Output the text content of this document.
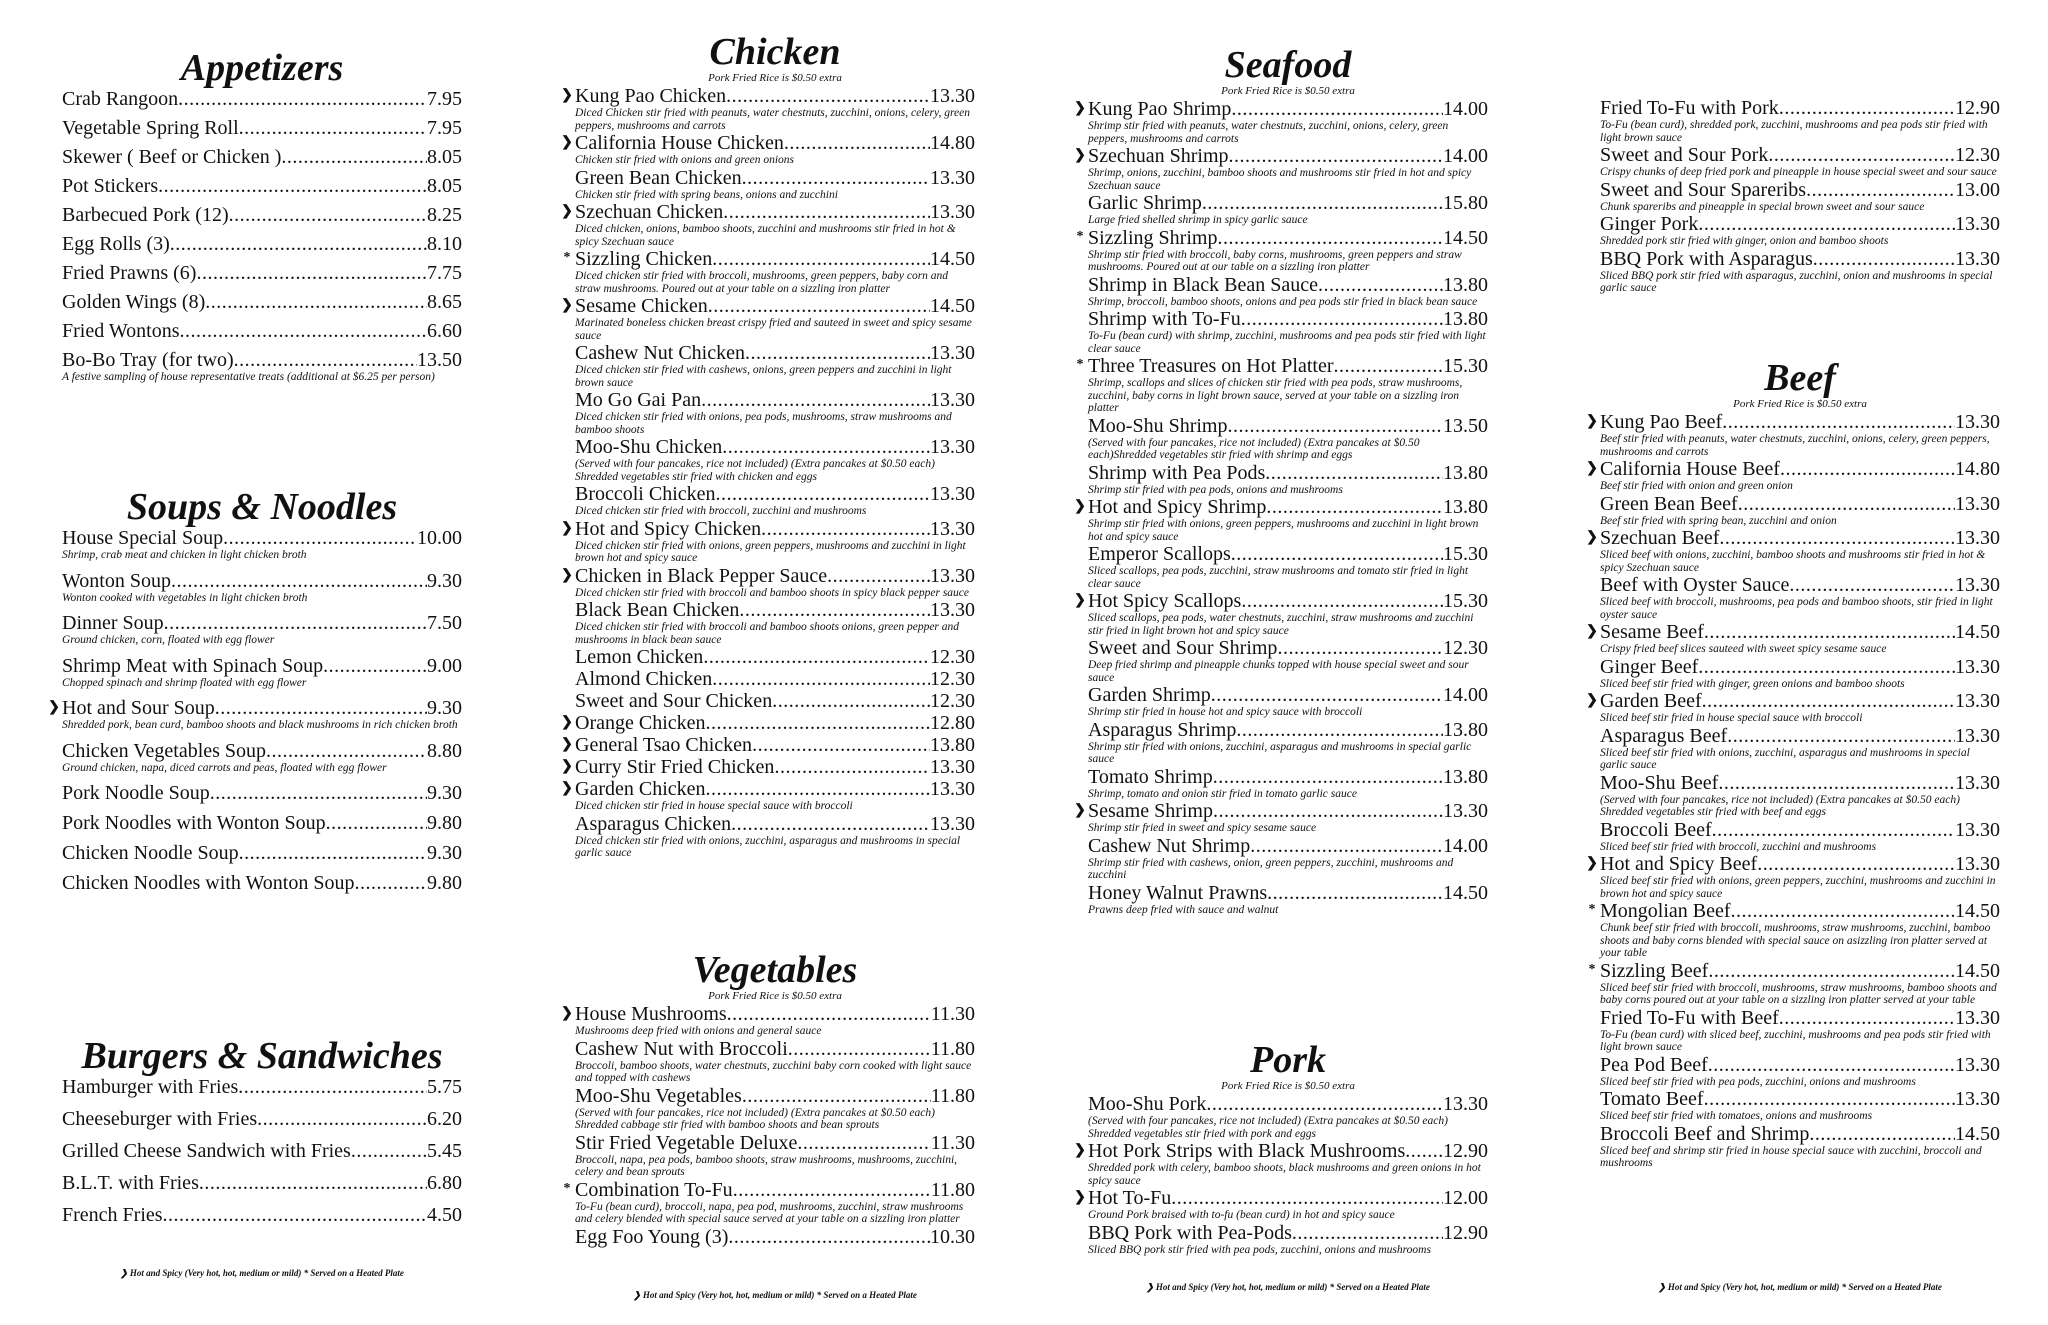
Appetizers
Crab Rangoon .....	7.95
Vegetable Spring Roll .....	7.95
Skewer ( Beef or Chicken ) .....	8.05
Pot Stickers .....	8.05
Barbecued Pork (12) .....	8.25
Egg Rolls (3) .....	8.10
Fried Prawns (6) .....	7.75
Golden Wings (8) .....	8.65
Fried Wontons .....	6.60
Bo-Bo Tray (for two) .....	13.50
A festive sampling of house representative treats (additional at $6.25 per person)
Soups & Noodles
House Special Soup .....	10.00
Shrimp, crab meat and chicken in light chicken broth
Wonton Soup .....	9.30
Wonton cooked with vegetables in light chicken broth
Dinner Soup .....	7.50
Ground chicken, corn, floated with egg flower
Shrimp Meat with Spinach Soup .....	9.00
Chopped spinach and shrimp floated with egg flower
❯ Hot and Sour Soup .....	9.30
Shredded pork, bean curd, bamboo shoots and black mushrooms in rich chicken broth
Chicken Vegetables Soup .....	8.80
Ground chicken, napa, diced carrots and peas, floated with egg flower
Pork Noodle Soup .....	9.30
Pork Noodles with Wonton Soup .....	9.80
Chicken Noodle Soup .....	9.30
Chicken Noodles with Wonton Soup .....	9.80
Burgers & Sandwiches
Hamburger with Fries .....	5.75
Cheeseburger with Fries .....	6.20
Grilled Cheese Sandwich with Fries .....	5.45
B.L.T. with Fries .....	6.80
French Fries .....	4.50
❯ Hot and Spicy (Very hot, hot, medium or mild) * Served on a Heated Plate
Chicken
Pork Fried Rice is $0.50 extra
❯ Kung Pao Chicken .....	13.30
Diced Chicken stir fried with peanuts, water chestnuts, zucchini, onions, celery, green peppers, mushrooms and carrots
❯ California House Chicken .....	14.80
Chicken stir fried with onions and green onions
Green Bean Chicken .....	13.30
Chicken stir fried with spring beans, onions and zucchini
❯ Szechuan Chicken .....	13.30
Diced chicken, onions, bamboo shoots, zucchini and mushrooms stir fried in hot & spicy Szechuan sauce
* Sizzling Chicken .....	14.50
Diced chicken stir fried with broccoli, mushrooms, green peppers, baby corn and straw mushrooms. Poured out at your table on a sizzling iron platter
❯ Sesame Chicken .....	14.50
Marinated boneless chicken breast crispy fried and sauteed in sweet and spicy sesame sauce
Cashew Nut Chicken .....	13.30
Diced chicken stir fried with cashews, onions, green peppers and zucchini in light brown sauce
Mo Go Gai Pan .....	13.30
Diced chicken stir fried with onions, pea pods, mushrooms, straw mushrooms and bamboo shoots
Moo-Shu Chicken .....	13.30
(Served with four pancakes, rice not included) (Extra pancakes at $0.50 each) Shredded vegetables stir fried with chicken and eggs
Broccoli Chicken .....	13.30
Diced chicken stir fried with broccoli, zucchini and mushrooms
❯ Hot and Spicy Chicken .....	13.30
Diced chicken stir fried with onions, green peppers, mushrooms and zucchini in light brown hot and spicy sauce
❯ Chicken in Black Pepper Sauce .....	13.30
Diced chicken stir fried with broccoli and bamboo shoots in spicy black pepper sauce
Black Bean Chicken .....	13.30
Diced chicken stir fried with broccoli and bamboo shoots onions, green pepper and mushrooms in black bean sauce
Lemon Chicken .....	12.30
Almond Chicken .....	12.30
Sweet and Sour Chicken .....	12.30
❯ Orange Chicken .....	12.80
❯ General Tsao Chicken .....	13.80
❯ Curry Stir Fried Chicken .....	13.30
❯ Garden Chicken .....	13.30
Diced chicken stir fried in house special sauce with broccoli
Asparagus Chicken .....	13.30
Diced chicken stir fried with onions, zucchini, asparagus and mushrooms in special garlic sauce
Vegetables
Pork Fried Rice is $0.50 extra
❯ House Mushrooms .....	11.30
Mushrooms deep fried with onions and general sauce
Cashew Nut with Broccoli .....	11.80
Broccoli, bamboo shoots, water chestnuts, zucchini baby corn cooked with light sauce and topped with cashews
Moo-Shu Vegetables .....	11.80
(Served with four pancakes, rice not included) (Extra pancakes at $0.50 each) Shredded cabbage stir fried with bamboo shoots and bean sprouts
Stir Fried Vegetable Deluxe .....	11.30
Broccoli, napa, pea pods, bamboo shoots, straw mushrooms, mushrooms, zucchini, celery and bean sprouts
* Combination To-Fu .....	11.80
To-Fu (bean curd), broccoli, napa, pea pod, mushrooms, zucchini, straw mushrooms and celery blended with special sauce served at your table on a sizzling iron platter
Egg Foo Young (3) .....	10.30
❯ Hot and Spicy (Very hot, hot, medium or mild) * Served on a Heated Plate
Seafood
Pork Fried Rice is $0.50 extra
❯ Kung Pao Shrimp .....	14.00
Shrimp stir fried with peanuts, water chestnuts, zucchini, onions, celery, green peppers, mushrooms and carrots
❯ Szechuan Shrimp .....	14.00
Shrimp, onions, zucchini, bamboo shoots and mushrooms stir fried in hot and spicy Szechuan sauce
Garlic Shrimp .....	15.80
Large fried shelled shrimp in spicy garlic sauce
* Sizzling Shrimp .....	14.50
Shrimp stir fried with broccoli, baby corns, mushrooms, green peppers and straw mushrooms. Poured out at our table on a sizzling iron platter
Shrimp in Black Bean Sauce .....	13.80
Shrimp, broccoli, bamboo shoots, onions and pea pods stir fried in black bean sauce
Shrimp with To-Fu .....	13.80
To-Fu (bean curd) with shrimp, zucchini, mushrooms and pea pods stir fried with light clear sauce
* Three Treasures on Hot Platter .....	15.30
Shrimp, scallops and slices of chicken stir fried with pea pods, straw mushrooms, zucchini, baby corns in light brown sauce, served at your table on a sizzling iron platter
Moo-Shu Shrimp .....	13.50
(Served with four pancakes, rice not included) (Extra pancakes at $0.50 each)Shredded vegetables stir fried with shrimp and eggs
Shrimp with Pea Pods .....	13.80
Shrimp stir fried with pea pods, onions and mushrooms
❯ Hot and Spicy Shrimp .....	13.80
Shrimp stir fried with onions, green peppers, mushrooms and zucchini in light brown hot and spicy sauce
Emperor Scallops .....	15.30
Sliced scallops, pea pods, zucchini, straw mushrooms and tomato stir fried in light clear sauce
❯ Hot Spicy Scallops .....	15.30
Sliced scallops, pea pods, water chestnuts, zucchini, straw mushrooms and zucchini stir fried in light brown hot and spicy sauce
Sweet and Sour Shrimp .....	12.30
Deep fried shrimp and pineapple chunks topped with house special sweet and sour sauce
Garden Shrimp .....	14.00
Shrimp stir fried in house hot and spicy sauce with broccoli
Asparagus Shrimp .....	13.80
Shrimp stir fried with onions, zucchini, asparagus and mushrooms in special garlic sauce
Tomato Shrimp .....	13.80
Shrimp, tomato and onion stir fried in tomato garlic sauce
❯ Sesame Shrimp .....	13.30
Shrimp stir fried in sweet and spicy sesame sauce
Cashew Nut Shrimp .....	14.00
Shrimp stir fried with cashews, onion, green peppers, zucchini, mushrooms and zucchini
Honey Walnut Prawns .....	14.50
Prawns deep fried with sauce and walnut
Pork
Pork Fried Rice is $0.50 extra
Moo-Shu Pork .....	13.30
(Served with four pancakes, rice not included) (Extra pancakes at $0.50 each) Shredded vegetables stir fried with pork and eggs
❯ Hot Pork Strips with Black Mushrooms ..... 12.90
Shredded pork with celery, bamboo shoots, black mushrooms and green onions in hot spicy sauce
❯ Hot To-Fu .....	12.00
Ground Pork braised with to-fu (bean curd) in hot and spicy sauce
BBQ Pork with Pea-Pods .....	12.90
Sliced BBQ pork stir fried with pea pods, zucchini, onions and mushrooms
❯ Hot and Spicy (Very hot, hot, medium or mild) * Served on a Heated Plate
Fried To-Fu with Pork .....	12.90
To-Fu (bean curd), shredded pork, zucchini, mushrooms and pea pods stir fried with light brown sauce
Sweet and Sour Pork .....	12.30
Crispy chunks of deep fried pork and pineapple in house special sweet and sour sauce
Sweet and Sour Spareribs .....	13.00
Chunk spareribs and pineapple in special brown sweet and sour sauce
Ginger Pork .....	13.30
Shredded pork stir fried with ginger, onion and bamboo shoots
BBQ Pork with Asparagus .....	13.30
Sliced BBQ pork stir fried with asparagus, zucchini, onion and mushrooms in special garlic sauce
Beef
Pork Fried Rice is $0.50 extra
❯ Kung Pao Beef .....	13.30
Beef stir fried with peanuts, water chestnuts, zucchini, onions, celery, green peppers, mushrooms and carrots
❯ California House Beef .....	14.80
Beef stir fried with onion and green onion
Green Bean Beef .....	13.30
Beef stir fried with spring bean, zucchini and onion
❯ Szechuan Beef .....	13.30
Sliced beef with onions, zucchini, bamboo shoots and mushrooms stir fried in hot & spicy Szechuan sauce
Beef with Oyster Sauce .....	13.30
Sliced beef with broccoli, mushrooms, pea pods and bamboo shoots, stir fried in light oyster sauce
❯ Sesame Beef .....	14.50
Crispy fried beef slices sauteed with sweet spicy sesame sauce
Ginger Beef .....	13.30
Sliced beef stir fried with ginger, green onions and bamboo shoots
❯ Garden Beef .....	13.30
Sliced beef stir fried in house special sauce with broccoli
Asparagus Beef .....	13.30
Sliced beef stir fried with onions, zucchini, asparagus and mushrooms in special garlic sauce
Moo-Shu Beef .....	13.30
(Served with four pancakes, rice not included) (Extra pancakes at $0.50 each) Shredded vegetables stir fried with beef and eggs
Broccoli Beef .....	13.30
Sliced beef stir fried with broccoli, zucchini and mushrooms
❯ Hot and Spicy Beef .....	13.30
Sliced beef stir fried with onions, green peppers, zucchini, mushrooms and zucchini in brown hot and spicy sauce
* Mongolian Beef .....	14.50
Chunk beef stir fried with broccoli, mushrooms, straw mushrooms, zucchini, bamboo shoots and baby corns blended with special sauce on asizzling iron platter served at your table
* Sizzling Beef .....	14.50
Sliced beef stir fried with broccoli, mushrooms, straw mushrooms, bamboo shoots and baby corns poured out at your table on a sizzling iron platter served at your table
Fried To-Fu with Beef .....	13.30
To-Fu (bean curd) with sliced beef, zucchini, mushrooms and pea pods stir fried with light brown sauce
Pea Pod Beef .....	13.30
Sliced beef stir fried with pea pods, zucchini, onions and mushrooms
Tomato Beef .....	13.30
Sliced beef stir fried with tomatoes, onions and mushrooms
Broccoli Beef and Shrimp .....	14.50
Sliced beef and shrimp stir fried in house special sauce with zucchini, broccoli and mushrooms
❯ Hot and Spicy (Very hot, hot, medium or mild) * Served on a Heated Plate
